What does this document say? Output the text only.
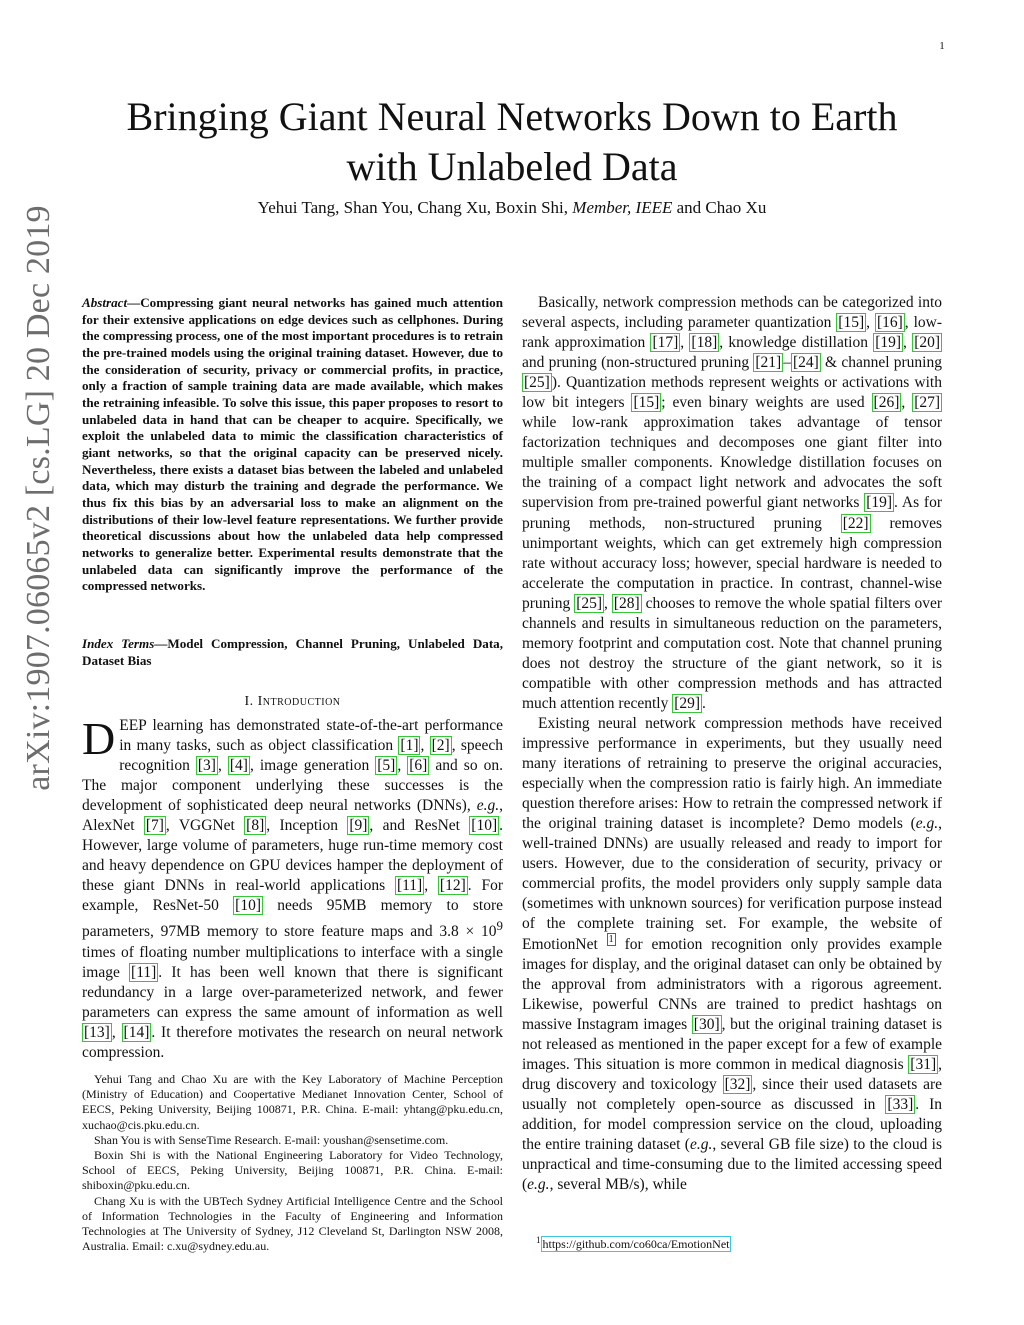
1
arXiv:1907.06065v2 [cs.LG] 20 Dec 2019
Bringing Giant Neural Networks Down to Earth
with Unlabeled Data
Yehui Tang, Shan You, Chang Xu, Boxin Shi, Member, IEEE and Chao Xu
Abstract—Compressing giant neural networks has gained much attention for their extensive applications on edge devices such as cellphones. During the compressing process, one of the most important procedures is to retrain the pre-trained models using the original training dataset. However, due to the consideration of security, privacy or commercial profits, in practice, only a fraction of sample training data are made available, which makes the retraining infeasible. To solve this issue, this paper proposes to resort to unlabeled data in hand that can be cheaper to acquire. Specifically, we exploit the unlabeled data to mimic the classification characteristics of giant networks, so that the original capacity can be preserved nicely. Nevertheless, there exists a dataset bias between the labeled and unlabeled data, which may disturb the training and degrade the performance. We thus fix this bias by an adversarial loss to make an alignment on the distributions of their low-level feature representations. We further provide theoretical discussions about how the unlabeled data help compressed networks to generalize better. Experimental results demonstrate that the unlabeled data can significantly improve the performance of the compressed networks.
Index Terms—Model Compression, Channel Pruning, Unlabeled Data, Dataset Bias
I. Introduction
DEEP learning has demonstrated state-of-the-art performance in many tasks, such as object classification [1] , [2] , speech recognition [3] , [4] , image generation [5] , [6] and so on. The major component underlying these successes is the development of sophisticated deep neural networks (DNNs), e.g., AlexNet [7] , VGGNet [8] , Inception [9] , and ResNet [10] . However, large volume of parameters, huge run-time memory cost and heavy dependence on GPU devices hamper the deployment of these giant DNNs in real-world applications [11] , [12] . For example, ResNet-50 [10] needs 95MB memory to store parameters, 97MB memory to store feature maps and $3.8 \times 10^9$ times of floating number multiplications to interface with a single image [11] . It has been well known that there is significant redundancy in a large over-parameterized network, and fewer parameters can express the same amount of information as well [13] , [14] . It therefore motivates the research on neural network compression.

Yehui Tang and Chao Xu are with the Key Laboratory of Machine Perception (Ministry of Education) and Coopertative Medianet Innovation Center, School of EECS, Peking University, Beijing 100871, P.R. China. E-mail: yhtang@pku.edu.cn, xuchao@cis.pku.edu.cn.

Shan You is with SenseTime Research. E-mail: youshan@sensetime.com.

Boxin Shi is with the National Engineering Laboratory for Video Technology, School of EECS, Peking University, Beijing 100871, P.R. China. E-mail: shiboxin@pku.edu.cn.

Chang Xu is with the UBTech Sydney Artificial Intelligence Centre and the School of Information Technologies in the Faculty of Engineering and Information Technologies at The University of Sydney, J12 Cleveland St, Darlington NSW 2008, Australia. Email: c.xu@sydney.edu.au.

Basically, network compression methods can be categorized into several aspects, including parameter quantization [15] , [16] , low-rank approximation [17] , [18] , knowledge distillation [19] , [20] and pruning (non-structured pruning [21] – [24] & channel pruning [25] ). Quantization methods represent weights or activations with low bit integers [15] ; even binary weights are used [26] , [27] while low-rank approximation takes advantage of tensor factorization techniques and decomposes one giant filter into multiple smaller components. Knowledge distillation focuses on the training of a compact light network and advocates the soft supervision from pre-trained powerful giant networks [19] . As for pruning methods, non-structured pruning [22] removes unimportant weights, which can get extremely high compression rate without accuracy loss; however, special hardware is needed to accelerate the computation in practice. In contrast, channel-wise pruning [25] , [28] chooses to remove the whole spatial filters over channels and results in simultaneous reduction on the parameters, memory footprint and computation cost. Note that channel pruning does not destroy the structure of the giant network, so it is compatible with other compression methods and has attracted much attention recently [29] .

Existing neural network compression methods have received impressive performance in experiments, but they usually need many iterations of retraining to preserve the original accuracies, especially when the compression ratio is fairly high. An immediate question therefore arises: How to retrain the compressed network if the original training dataset is incomplete? Demo models (e.g., well-trained DNNs) are usually released and ready to import for users. However, due to the consideration of security, privacy or commercial profits, the model providers only supply sample data (sometimes with unknown sources) for verification purpose instead of the complete training set. For example, the website of EmotionNet $^1$ for emotion recognition only provides example images for display, and the original dataset can only be obtained by the approval from administrators with a rigorous agreement. Likewise, powerful CNNs are trained to predict hashtags on massive Instagram images [30] , but the original training dataset is not released as mentioned in the paper except for a few of example images. This situation is more common in medical diagnosis [31] , drug discovery and toxicology [32] , since their used datasets are usually not completely open-source as discussed in [33] . In addition, for model compression service on the cloud, uploading the entire training dataset (e.g., several GB file size) to the cloud is unpractical and time-consuming due to the limited accessing speed (e.g., several MB/s), while

$^1$ https://github.com/co60ca/EmotionNet
